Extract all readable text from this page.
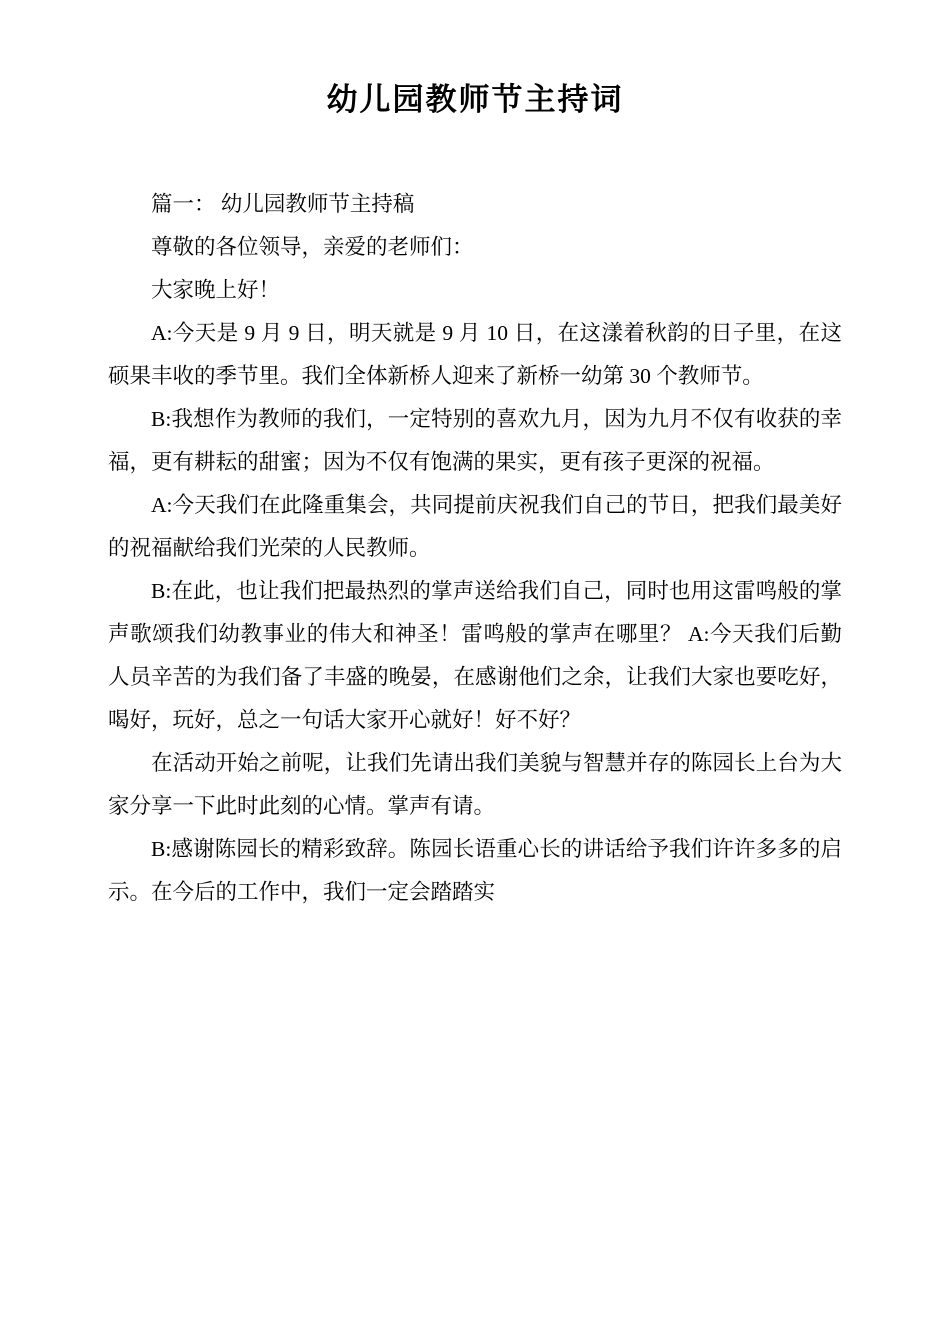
幼儿园教师节主持词

篇一： 幼儿园教师节主持稿

尊敬的各位领导，亲爱的老师们：

大家晚上好！

A:今天是 9 月 9 日，明天就是 9 月 10 日，在这漾着秋韵的日子里，在这硕果丰收的季节里。我们全体新桥人迎来了新桥一幼第 30 个教师节。

B:我想作为教师的我们，一定特别的喜欢九月，因为九月不仅有收获的幸福，更有耕耘的甜蜜；因为不仅有饱满的果实，更有孩子更深的祝福。

A:今天我们在此隆重集会，共同提前庆祝我们自己的节日，把我们最美好的祝福献给我们光荣的人民教师。

B:在此，也让我们把最热烈的掌声送给我们自己，同时也用这雷鸣般的掌声歌颂我们幼教事业的伟大和神圣！雷鸣般的掌声在哪里？ A:今天我们后勤人员辛苦的为我们备了丰盛的晚晏，在感谢他们之余，让我们大家也要吃好，喝好，玩好，总之一句话大家开心就好！好不好？

在活动开始之前呢，让我们先请出我们美貌与智慧并存的陈园长上台为大家分享一下此时此刻的心情。掌声有请。

B:感谢陈园长的精彩致辞。陈园长语重心长的讲话给予我们许许多多的启示。在今后的工作中，我们一定会踏踏实
